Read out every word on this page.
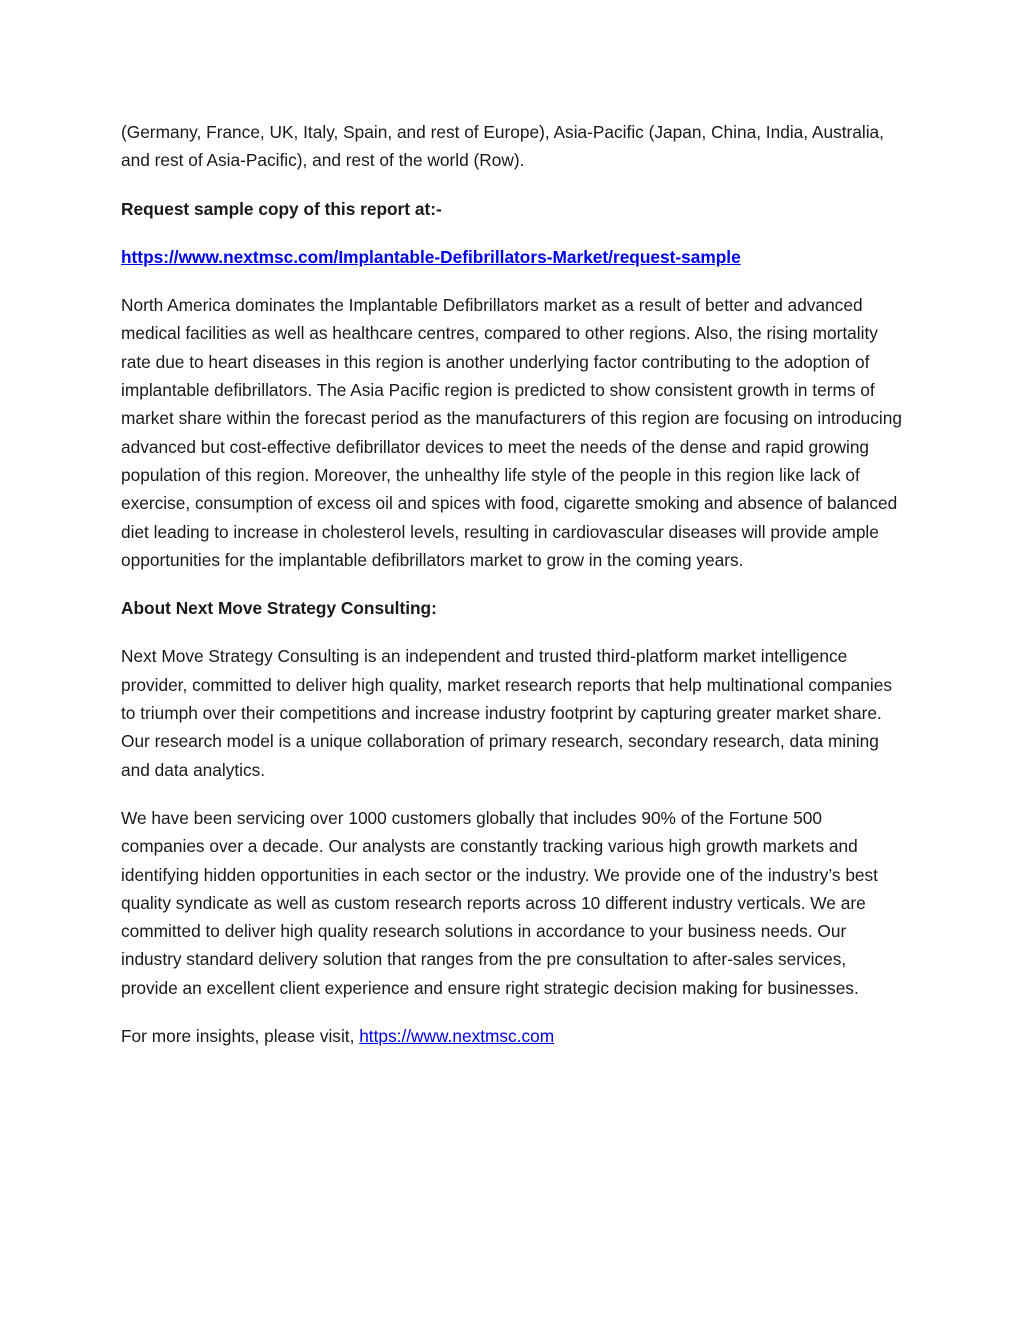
(Germany, France, UK, Italy, Spain, and rest of Europe), Asia-Pacific (Japan, China, India, Australia, and rest of Asia-Pacific), and rest of the world (Row).

Request sample copy of this report at:-

https://www.nextmsc.com/Implantable-Defibrillators-Market/request-sample

North America dominates the Implantable Defibrillators market as a result of better and advanced medical facilities as well as healthcare centres, compared to other regions. Also, the rising mortality rate due to heart diseases in this region is another underlying factor contributing to the adoption of implantable defibrillators. The Asia Pacific region is predicted to show consistent growth in terms of market share within the forecast period as the manufacturers of this region are focusing on introducing advanced but cost-effective defibrillator devices to meet the needs of the dense and rapid growing population of this region. Moreover, the unhealthy life style of the people in this region like lack of exercise, consumption of excess oil and spices with food, cigarette smoking and absence of balanced diet leading to increase in cholesterol levels, resulting in cardiovascular diseases will provide ample opportunities for the implantable defibrillators market to grow in the coming years.

About Next Move Strategy Consulting:

Next Move Strategy Consulting is an independent and trusted third-platform market intelligence provider, committed to deliver high quality, market research reports that help multinational companies to triumph over their competitions and increase industry footprint by capturing greater market share. Our research model is a unique collaboration of primary research, secondary research, data mining and data analytics.

We have been servicing over 1000 customers globally that includes 90% of the Fortune 500 companies over a decade. Our analysts are constantly tracking various high growth markets and identifying hidden opportunities in each sector or the industry. We provide one of the industry’s best quality syndicate as well as custom research reports across 10 different industry verticals. We are committed to deliver high quality research solutions in accordance to your business needs. Our industry standard delivery solution that ranges from the pre consultation to after-sales services, provide an excellent client experience and ensure right strategic decision making for businesses.

For more insights, please visit, https://www.nextmsc.com
